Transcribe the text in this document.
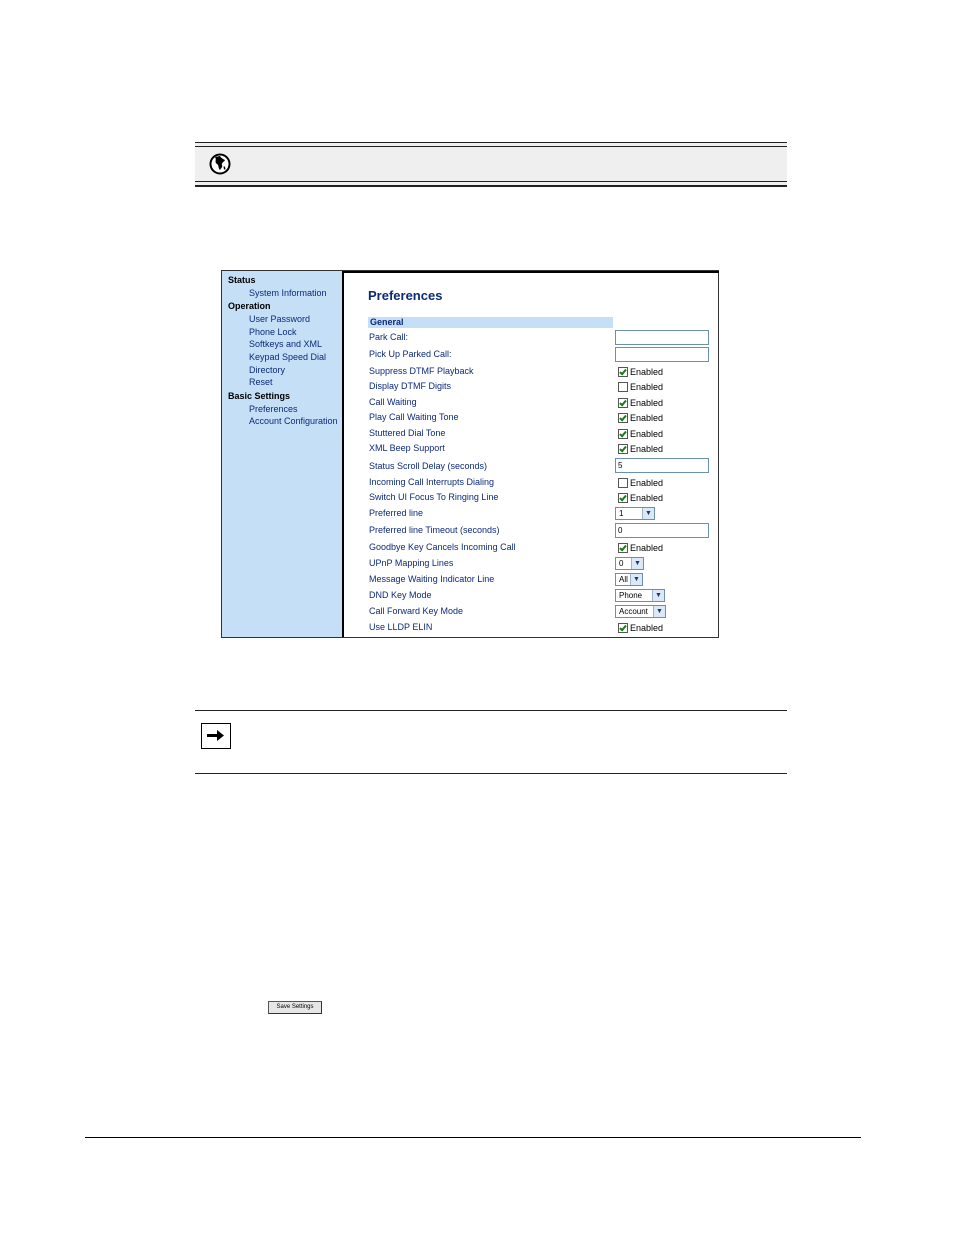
Status
System Information
Operation
User Password
Phone Lock
Softkeys and XML
Keypad Speed Dial
Directory
Reset
Basic Settings
Preferences
Account Configuration
Preferences
General
Park Call:
Pick Up Parked Call:
Suppress DTMF Playback	Enabled
Display DTMF Digits	Enabled
Call Waiting	Enabled
Play Call Waiting Tone	Enabled
Stuttered Dial Tone	Enabled
XML Beep Support	Enabled
Status Scroll Delay (seconds)	5
Incoming Call Interrupts Dialing	Enabled
Switch UI Focus To Ringing Line	Enabled
Preferred line	1	▼
Preferred line Timeout (seconds)	0
Goodbye Key Cancels Incoming Call	Enabled
UPnP Mapping Lines	0	▼
Message Waiting Indicator Line	All ▼
DND Key Mode	Phone	▼
Call Forward Key Mode	Account	▼
Use LLDP ELIN	Enabled
Save Settings
